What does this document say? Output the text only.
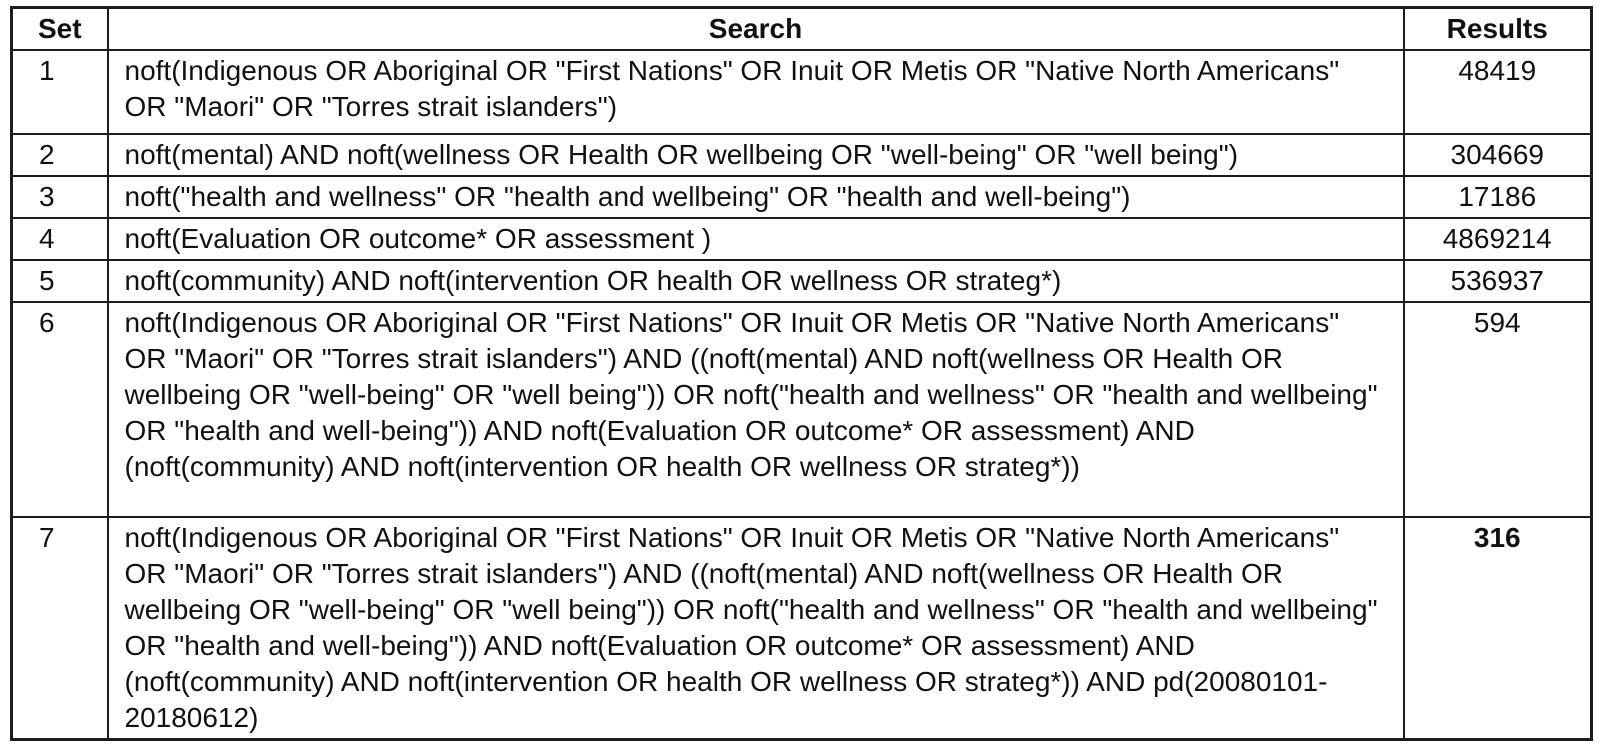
Set	Search	Results
1	noft(Indigenous OR Aboriginal OR "First Nations" OR Inuit OR Metis OR "Native North Americans" OR "Maori" OR "Torres strait islanders")	48419
2	noft(mental) AND noft(wellness OR Health OR wellbeing OR "well-being" OR "well being")	304669
3	noft("health and wellness" OR "health and wellbeing" OR "health and well-being")	17186
4	noft(Evaluation OR outcome* OR assessment )	4869214
5	noft(community) AND noft(intervention OR health OR wellness OR strateg*)	536937
6	noft(Indigenous OR Aboriginal OR "First Nations" OR Inuit OR Metis OR "Native North Americans" OR "Maori" OR "Torres strait islanders") AND ((noft(mental) AND noft(wellness OR Health OR wellbeing OR "well-being" OR "well being")) OR noft("health and wellness" OR "health and wellbeing" OR "health and well-being")) AND noft(Evaluation OR outcome* OR assessment) AND (noft(community) AND noft(intervention OR health OR wellness OR strateg*))	594
7	noft(Indigenous OR Aboriginal OR "First Nations" OR Inuit OR Metis OR "Native North Americans" OR "Maori" OR "Torres strait islanders") AND ((noft(mental) AND noft(wellness OR Health OR wellbeing OR "well-being" OR "well being")) OR noft("health and wellness" OR "health and wellbeing" OR "health and well-being")) AND noft(Evaluation OR outcome* OR assessment) AND (noft(community) AND noft(intervention OR health OR wellness OR strateg*)) AND pd(20080101-20180612)	316
